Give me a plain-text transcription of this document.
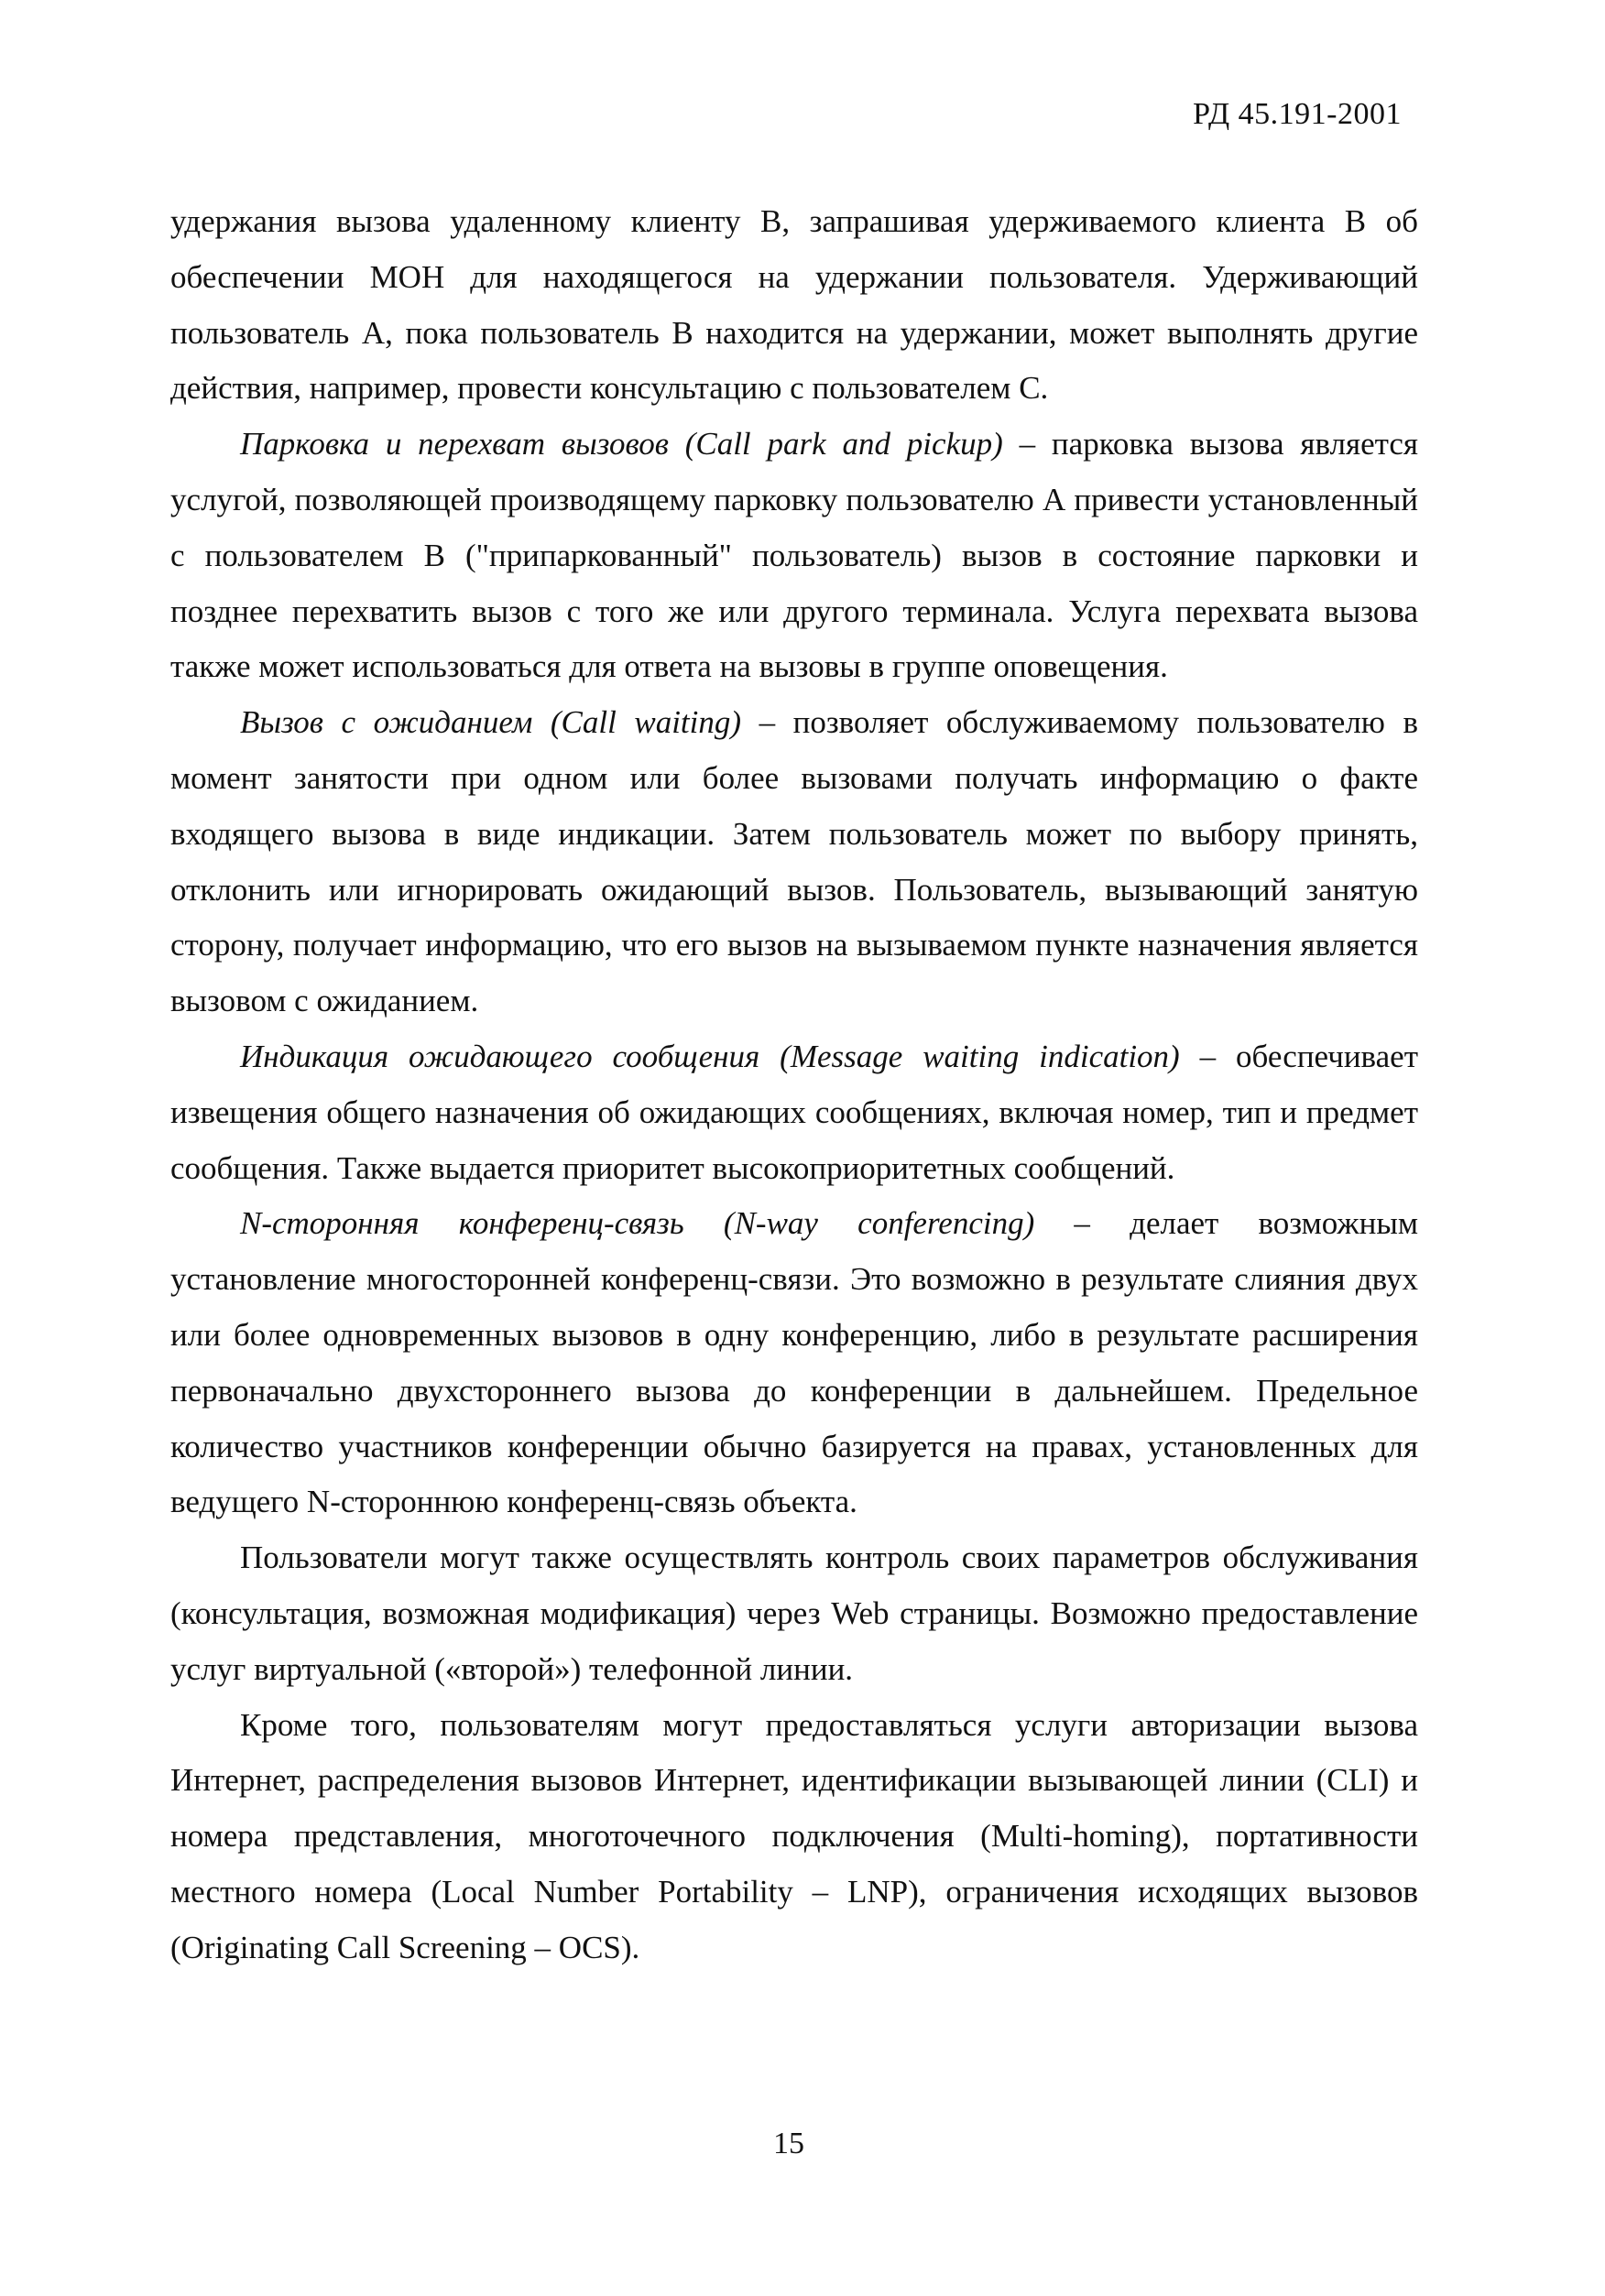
РД 45.191-2001

удержания вызова удаленному клиенту В, запрашивая удерживаемого клиента В об обеспечении МОН для находящегося на удержании пользователя. Удерживающий пользователь А, пока пользователь В находится на удержании, может выполнять другие действия, например, провести консультацию с пользователем С.

Парковка и перехват вызовов (Call park and pickup) – парковка вызова является услугой, позволяющей производящему парковку пользователю А привести установленный с пользователем В ("припаркованный" пользователь) вызов в состояние парковки и позднее перехватить вызов с того же или другого терминала. Услуга перехвата вызова также может использоваться для ответа на вызовы в группе оповещения.

Вызов с ожиданием (Call waiting) – позволяет обслуживаемому пользователю в момент занятости при одном или более вызовами получать информацию о факте входящего вызова в виде индикации. Затем пользователь может по выбору принять, отклонить или игнорировать ожидающий вызов. Пользователь, вызывающий занятую сторону, получает информацию, что его вызов на вызываемом пункте назначения является вызовом с ожиданием.

Индикация ожидающего сообщения (Message waiting indication) – обеспечивает извещения общего назначения об ожидающих сообщениях, включая номер, тип и предмет сообщения. Также выдается приоритет высокоприоритетных сообщений.

N-сторонняя конференц-связь (N-way conferencing) – делает возможным установление многосторонней конференц-связи. Это возможно в результате слияния двух или более одновременных вызовов в одну конференцию, либо в результате расширения первоначально двухстороннего вызова до конференции в дальнейшем. Предельное количество участников конференции обычно базируется на правах, установленных для ведущего N-стороннюю конференц-связь объекта.

Пользователи могут также осуществлять контроль своих параметров обслуживания (консультация, возможная модификация) через Web страницы. Возможно предоставление услуг виртуальной («второй») телефонной линии.

Кроме того, пользователям могут предоставляться услуги авторизации вызова Интернет, распределения вызовов Интернет, идентификации вызывающей линии (CLI) и номера представления, многоточечного подключения (Multi-homing), портативности местного номера (Local Number Portability – LNP), ограничения исходящих вызовов (Originating Call Screening – OCS).

15
